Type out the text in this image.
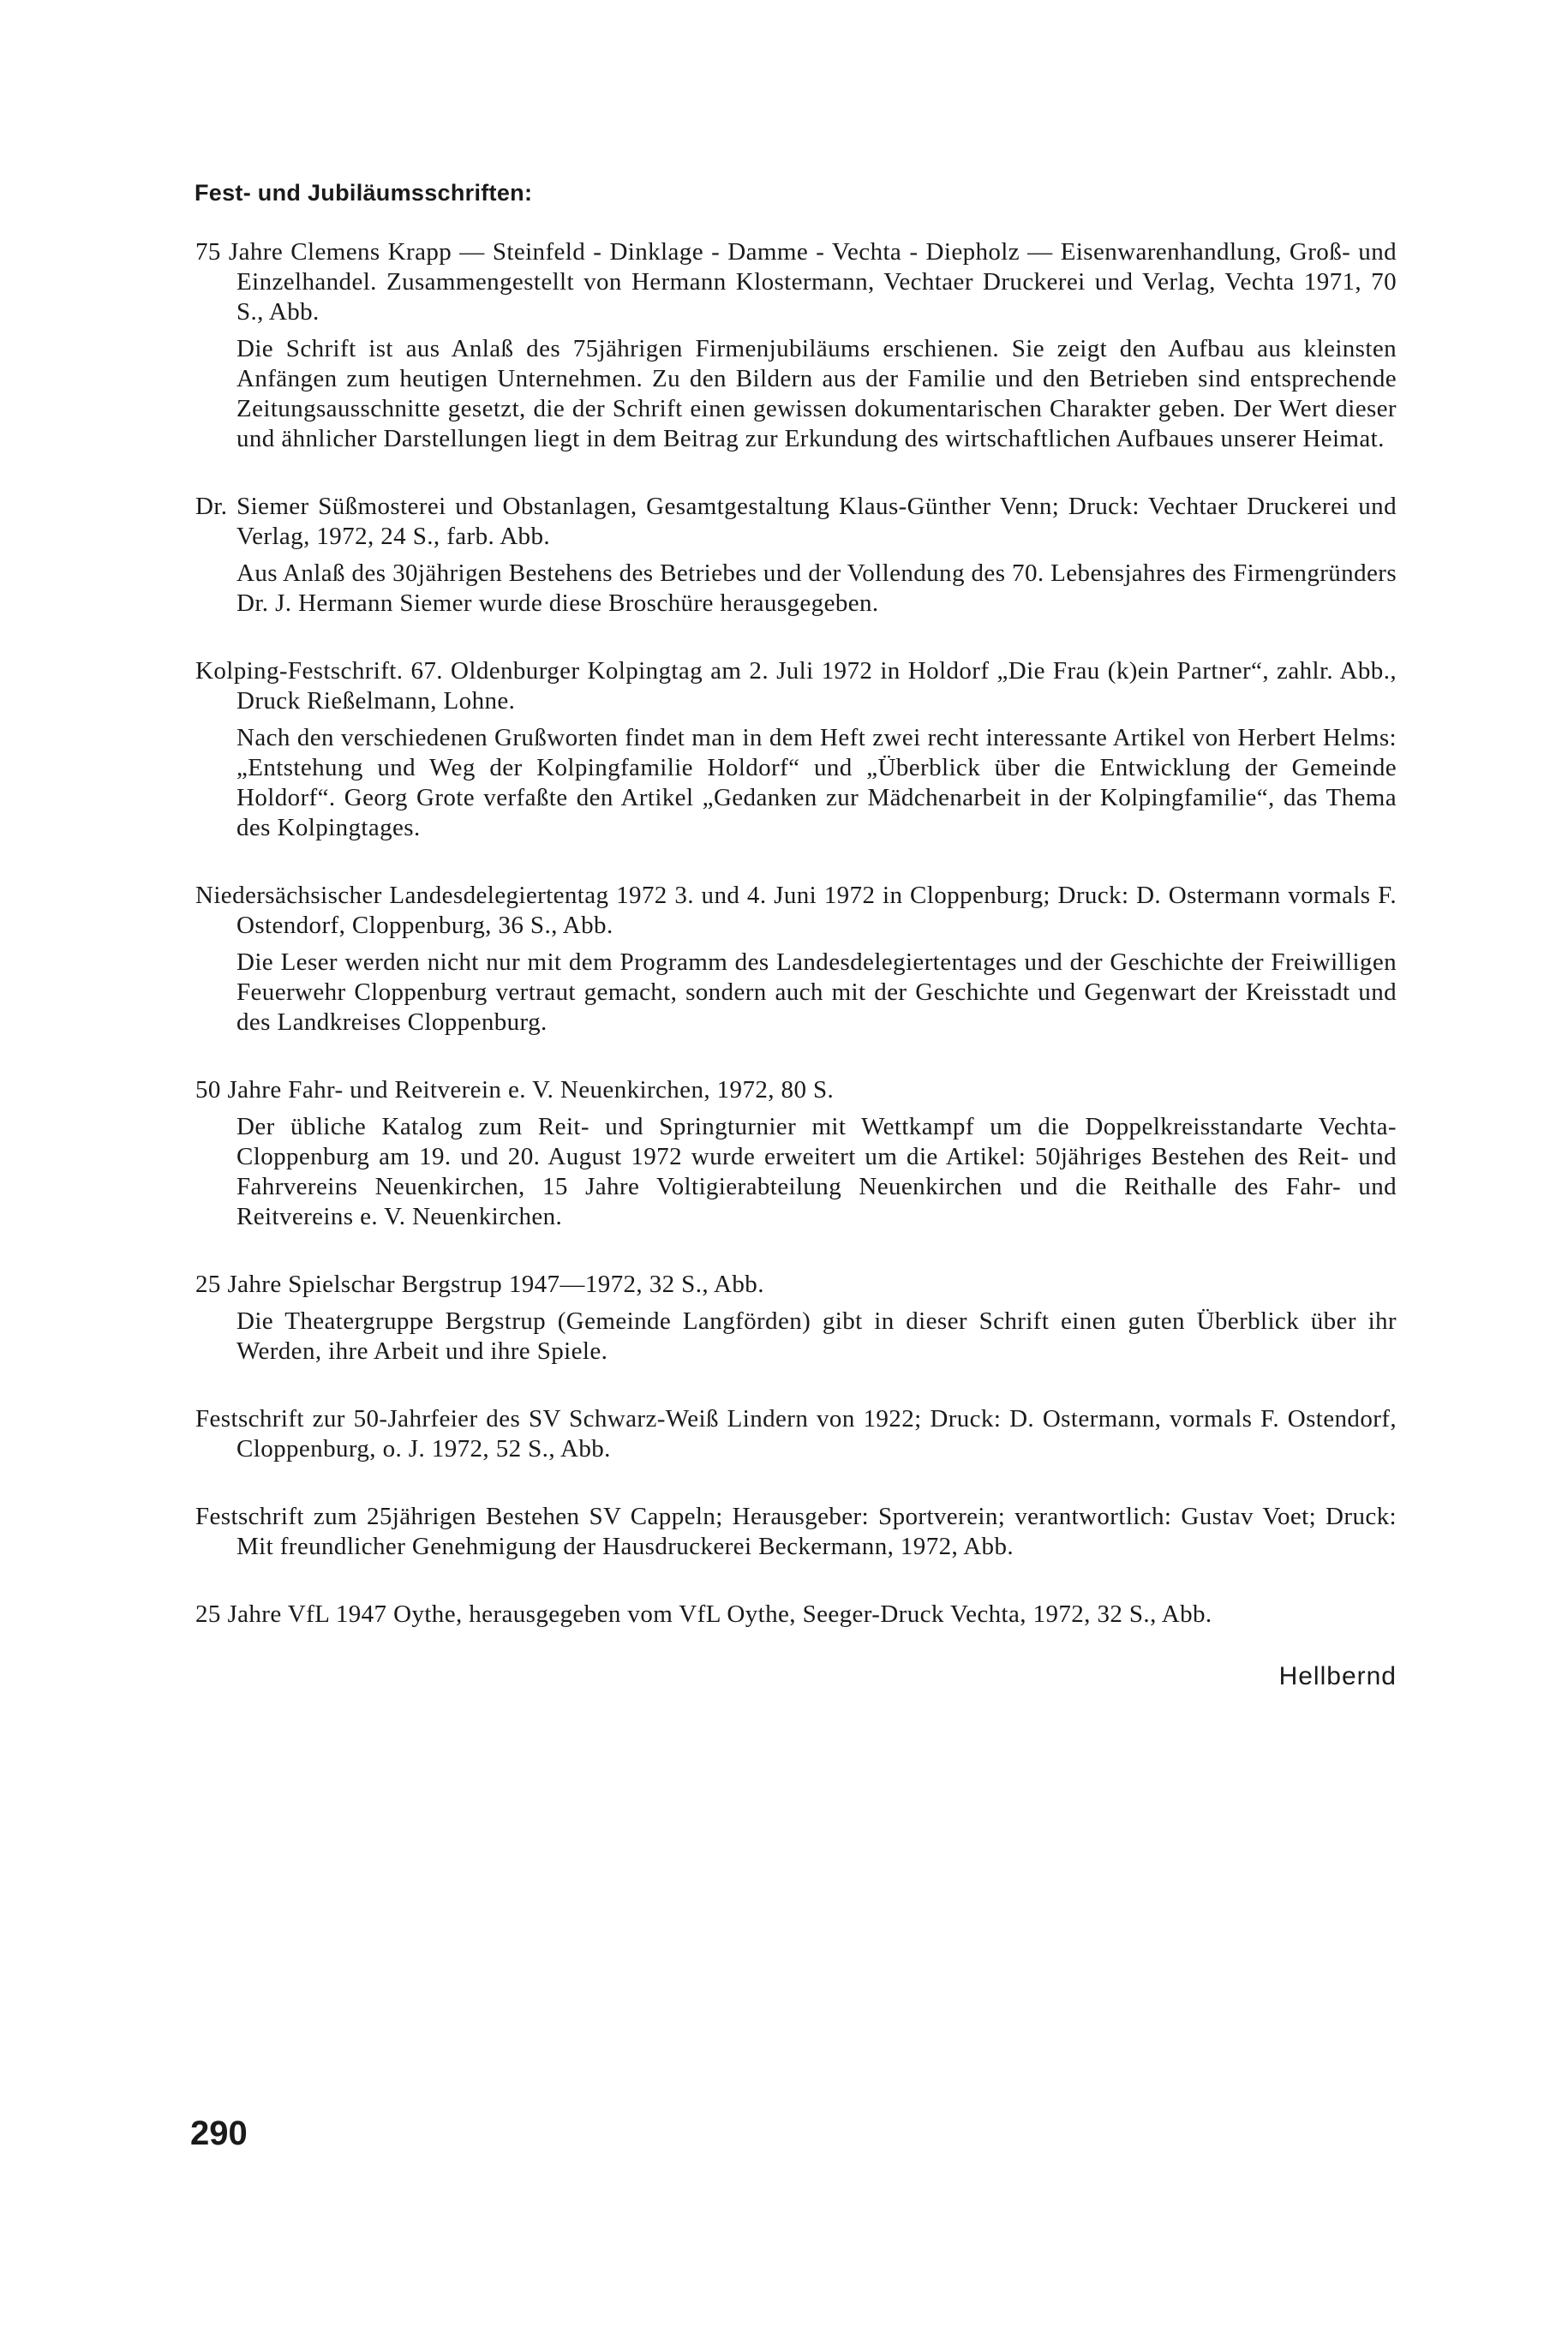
Fest- und Jubiläumsschriften:
75 Jahre Clemens Krapp — Steinfeld - Dinklage - Damme - Vechta - Diepholz — Eisenwarenhandlung, Groß- und Einzelhandel. Zusammengestellt von Hermann Klostermann, Vechtaer Druckerei und Verlag, Vechta 1971, 70 S., Abb.
Die Schrift ist aus Anlaß des 75jährigen Firmenjubiläums erschienen. Sie zeigt den Aufbau aus kleinsten Anfängen zum heutigen Unternehmen. Zu den Bildern aus der Familie und den Betrieben sind entsprechende Zeitungsausschnitte gesetzt, die der Schrift einen gewissen dokumentarischen Charakter geben. Der Wert dieser und ähnlicher Darstellungen liegt in dem Beitrag zur Erkundung des wirtschaftlichen Aufbaues unserer Heimat.
Dr. Siemer Süßmosterei und Obstanlagen, Gesamtgestaltung Klaus-Günther Venn; Druck: Vechtaer Druckerei und Verlag, 1972, 24 S., farb. Abb.
Aus Anlaß des 30jährigen Bestehens des Betriebes und der Vollendung des 70. Lebensjahres des Firmengründers Dr. J. Hermann Siemer wurde diese Broschüre herausgegeben.
Kolping-Festschrift. 67. Oldenburger Kolpingtag am 2. Juli 1972 in Holdorf „Die Frau (k)ein Partner“, zahlr. Abb., Druck Rießelmann, Lohne.
Nach den verschiedenen Grußworten findet man in dem Heft zwei recht interessante Artikel von Herbert Helms: „Entstehung und Weg der Kolpingfamilie Holdorf“ und „Überblick über die Entwicklung der Gemeinde Holdorf“. Georg Grote verfaßte den Artikel „Gedanken zur Mädchenarbeit in der Kolpingfamilie“, das Thema des Kolpingtages.
Niedersächsischer Landesdelegiertentag 1972 3. und 4. Juni 1972 in Cloppenburg; Druck: D. Ostermann vormals F. Ostendorf, Cloppenburg, 36 S., Abb.
Die Leser werden nicht nur mit dem Programm des Landesdelegiertentages und der Geschichte der Freiwilligen Feuerwehr Cloppenburg vertraut gemacht, sondern auch mit der Geschichte und Gegenwart der Kreisstadt und des Landkreises Cloppenburg.
50 Jahre Fahr- und Reitverein e. V. Neuenkirchen, 1972, 80 S.
Der übliche Katalog zum Reit- und Springturnier mit Wettkampf um die Doppelkreisstandarte Vechta-Cloppenburg am 19. und 20. August 1972 wurde erweitert um die Artikel: 50jähriges Bestehen des Reit- und Fahrvereins Neuenkirchen, 15 Jahre Voltigierabteilung Neuenkirchen und die Reithalle des Fahr- und Reitvereins e. V. Neuenkirchen.
25 Jahre Spielschar Bergstrup 1947—1972, 32 S., Abb.
Die Theatergruppe Bergstrup (Gemeinde Langförden) gibt in dieser Schrift einen guten Überblick über ihr Werden, ihre Arbeit und ihre Spiele.
Festschrift zur 50-Jahrfeier des SV Schwarz-Weiß Lindern von 1922; Druck: D. Ostermann, vormals F. Ostendorf, Cloppenburg, o. J. 1972, 52 S., Abb.
Festschrift zum 25jährigen Bestehen SV Cappeln; Herausgeber: Sportverein; verantwortlich: Gustav Voet; Druck: Mit freundlicher Genehmigung der Hausdruckerei Beckermann, 1972, Abb.
25 Jahre VfL 1947 Oythe, herausgegeben vom VfL Oythe, Seeger-Druck Vechta, 1972, 32 S., Abb.
Hellbernd
290
